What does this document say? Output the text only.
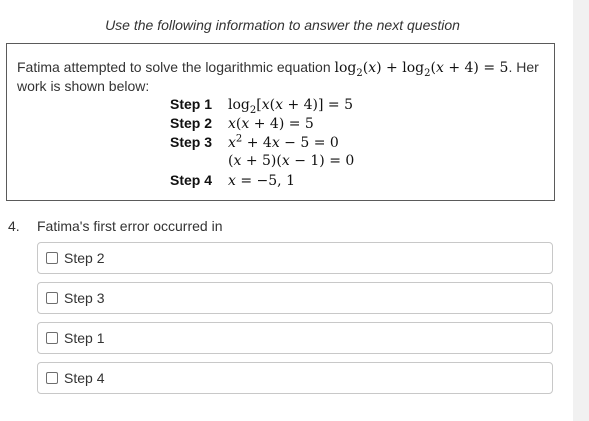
Use the following information to answer the next question
Fatima attempted to solve the logarithmic equation $\log_2(x) + \log_2(x + 4) = 5$. Her work is shown below:
Step 1	$\log_2[x(x + 4)] = 5$
Step 2	x(x + 4) = 5
Step 3	$x^2 + 4x - 5 = 0$
(x + 5)(x − 1) = 0
Step 4	x = −5, 1
4. Fatima's first error occurred in
Step 2
Step 3
Step 1
Step 4
